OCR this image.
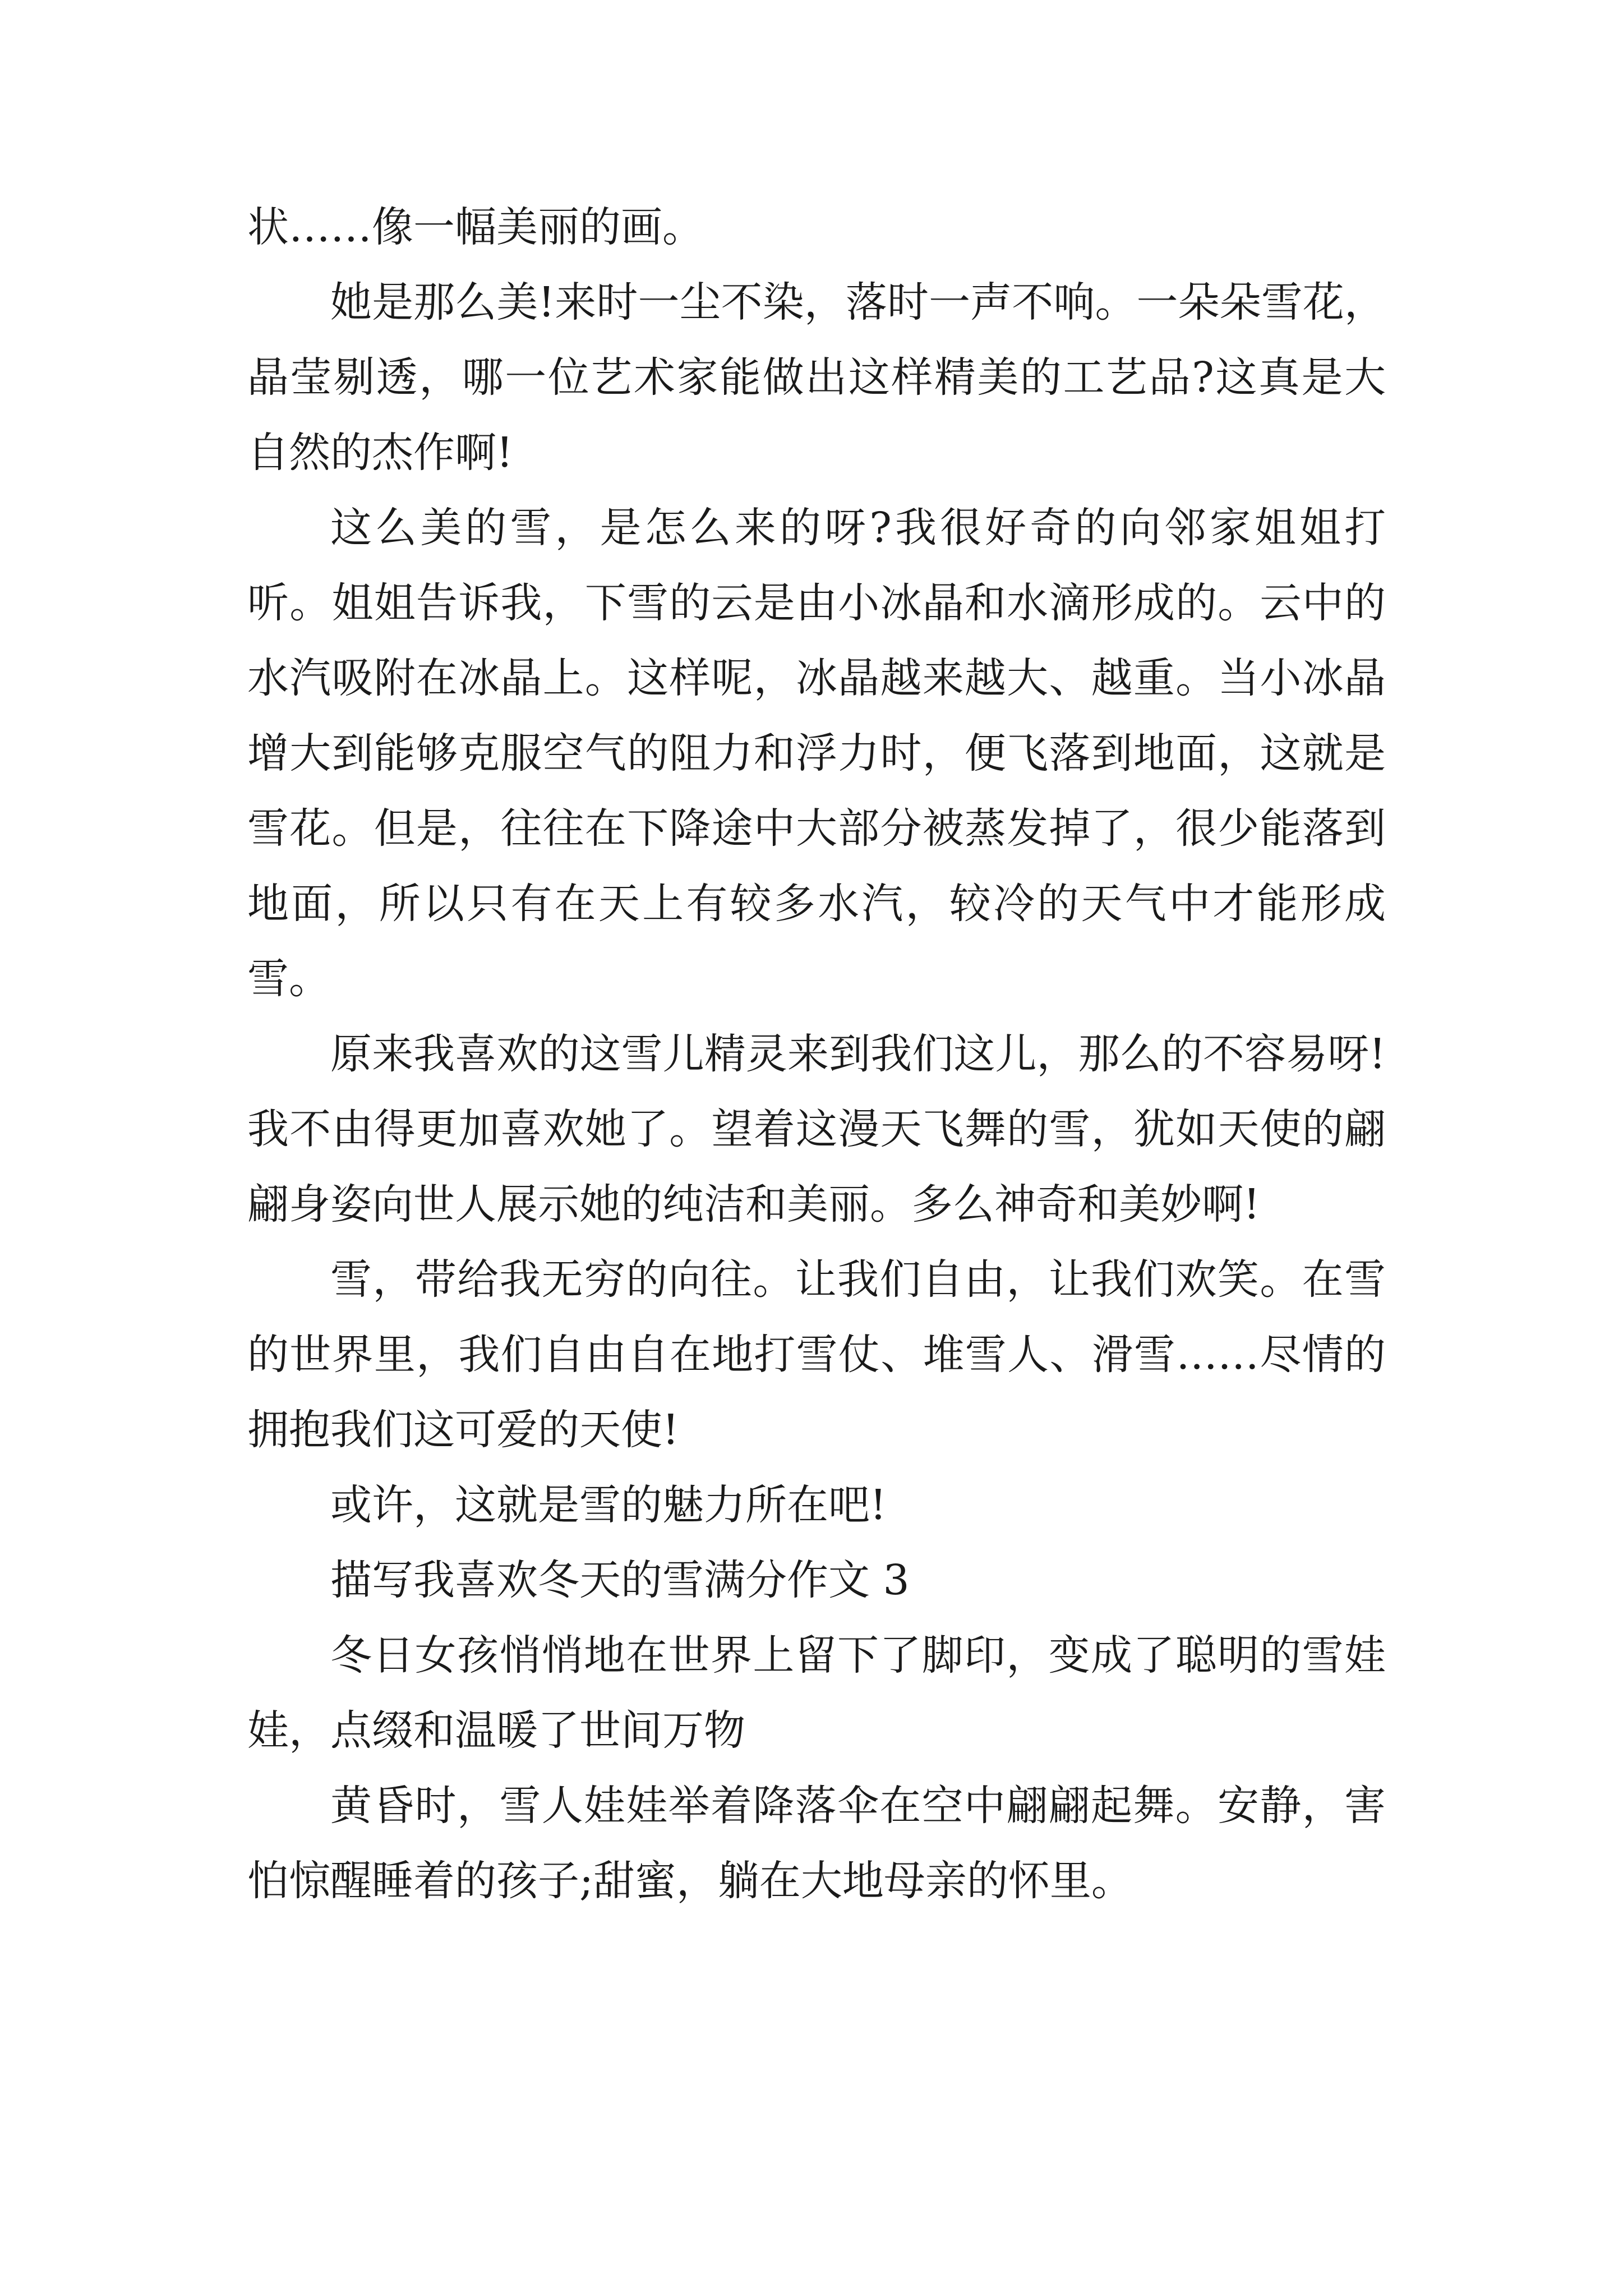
状……像一幅美丽的画。

她是那么美!来时一尘不染，落时一声不响。一朵朵雪花，晶莹剔透，哪一位艺术家能做出这样精美的工艺品?这真是大自然的杰作啊!

这么美的雪，是怎么来的呀?我很好奇的向邻家姐姐打听。姐姐告诉我，下雪的云是由小冰晶和水滴形成的。云中的水汽吸附在冰晶上。这样呢，冰晶越来越大、越重。当小冰晶增大到能够克服空气的阻力和浮力时，便飞落到地面，这就是雪花。但是，往往在下降途中大部分被蒸发掉了，很少能落到地面，所以只有在天上有较多水汽，较冷的天气中才能形成雪。

原来我喜欢的这雪儿精灵来到我们这儿，那么的不容易呀!我不由得更加喜欢她了。望着这漫天飞舞的雪，犹如天使的翩翩身姿向世人展示她的纯洁和美丽。多么神奇和美妙啊!

雪，带给我无穷的向往。让我们自由，让我们欢笑。在雪的世界里，我们自由自在地打雪仗、堆雪人、滑雪……尽情的拥抱我们这可爱的天使!

或许，这就是雪的魅力所在吧!

描写我喜欢冬天的雪满分作文 3

冬日女孩悄悄地在世界上留下了脚印，变成了聪明的雪娃娃，点缀和温暖了世间万物

黄昏时，雪人娃娃举着降落伞在空中翩翩起舞。安静，害怕惊醒睡着的孩子;甜蜜，躺在大地母亲的怀里。
